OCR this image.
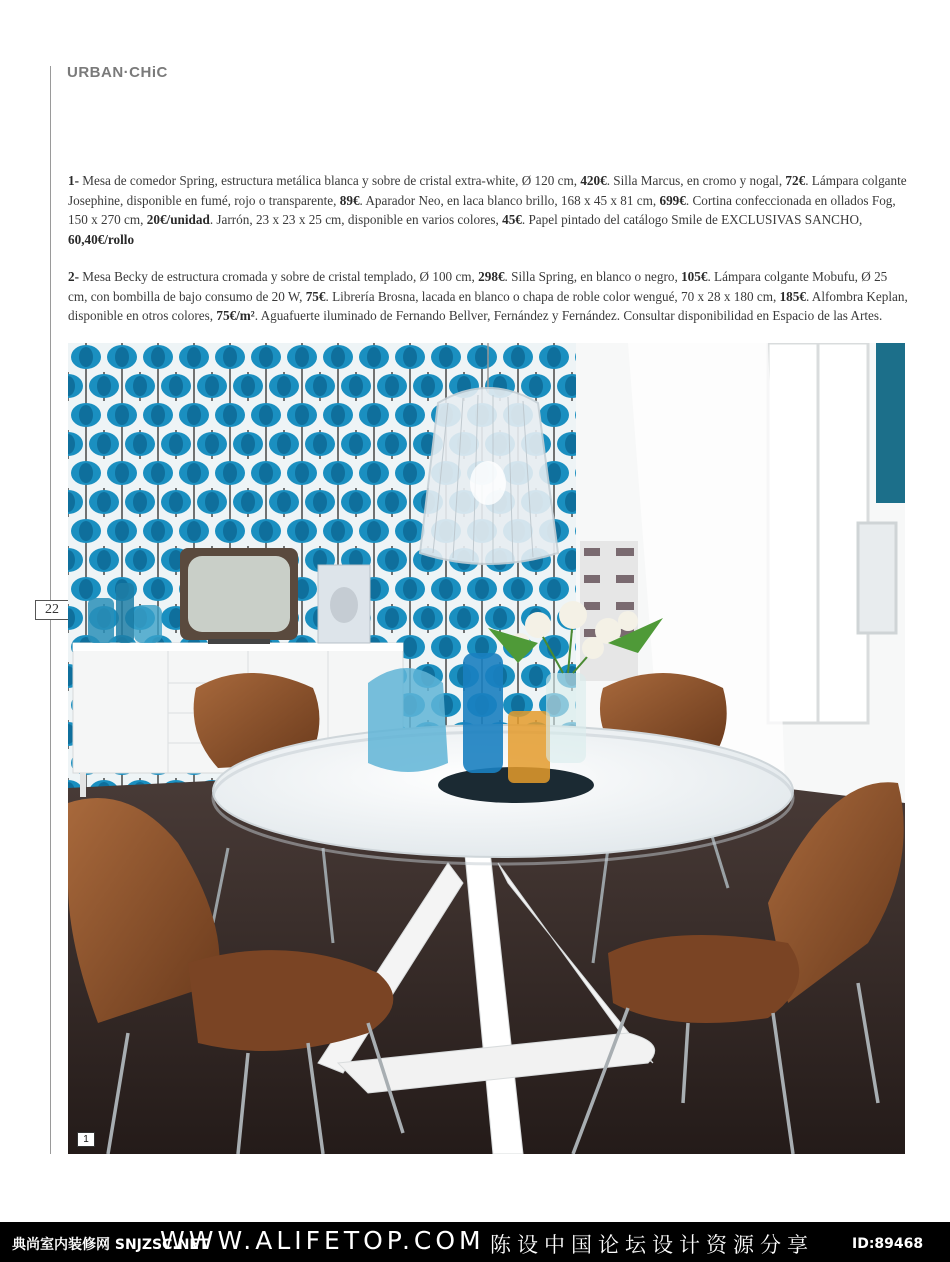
URBAN·CHiC
22

1- Mesa de comedor Spring, estructura metálica blanca y sobre de cristal extra-white, Ø 120 cm, 420€. Silla Marcus, en cromo y nogal, 72€. Lámpara colgante Josephine, disponible en fumé, rojo o transparente, 89€. Aparador Neo, en laca blanco brillo, 168 x 45 x 81 cm, 699€. Cortina confeccionada en ollados Fog, 150 x 270 cm, 20€/unidad. Jarrón, 23 x 23 x 25 cm, disponible en varios colores, 45€. Papel pintado del catálogo Smile de EXCLUSIVAS SANCHO, 60,40€/rollo

2- Mesa Becky de estructura cromada y sobre de cristal templado, Ø 100 cm, 298€. Silla Spring, en blanco o negro, 105€. Lámpara colgante Mobufu, Ø 25 cm, con bombilla de bajo consumo de 20 W, 75€. Librería Brosna, lacada en blanco o chapa de roble color wengué, 70 x 28 x 180 cm, 185€. Alfombra Keplan, disponible en otros colores, 75€/m². Aguafuerte iluminado de Fernando Bellver, Fernández y Fernández. Consultar disponibilidad en Espacio de las Artes.

1
典尚室内装修网 SNJZSC.NET
WWW.ALIFETOP.COM 陈设中国论坛设计资源分享	ID:89468
